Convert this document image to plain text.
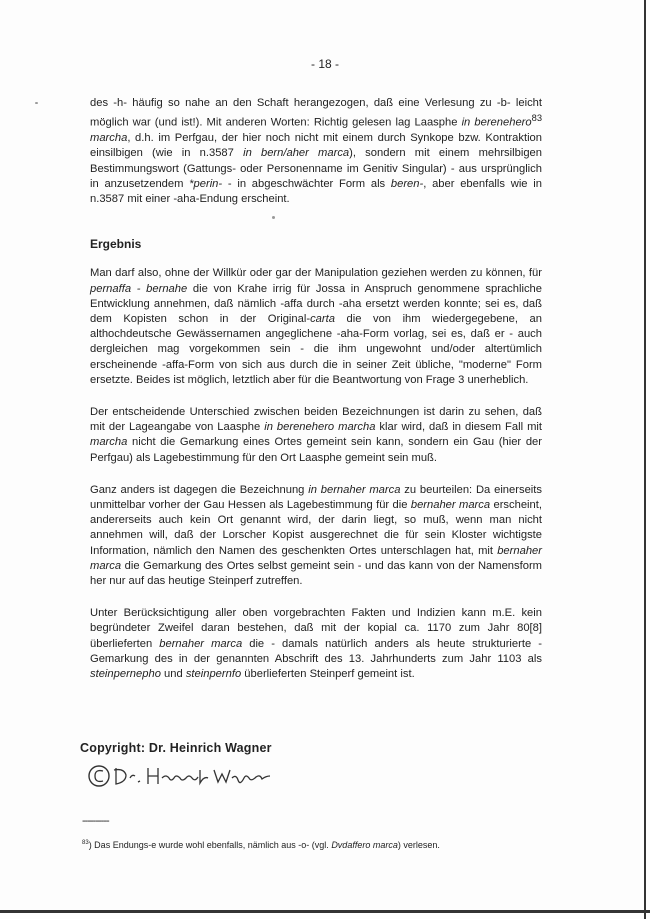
- 18 -

des -h- häufig so nahe an den Schaft herangezogen, daß eine Verlesung zu -b- leicht möglich war (und ist!). Mit anderen Worten: Richtig gelesen lag Laasphe in berenehero$^{83}$ marcha, d.h. im Perfgau, der hier noch nicht mit einem durch Synkope bzw. Kontraktion einsilbigen (wie in n.3587 in bern/aher marca), sondern mit einem mehrsilbigen Bestimmungswort (Gattungs- oder Personenname im Genitiv Singular) - aus ursprünglich in anzusetzendem *perin- - in abgeschwächter Form als beren-, aber ebenfalls wie in n.3587 mit einer -aha-Endung erscheint.

Ergebnis

Man darf also, ohne der Willkür oder gar der Manipulation geziehen werden zu können, für pernaffa - bernahe die von Krahe irrig für Jossa in Anspruch genommene sprachliche Entwicklung annehmen, daß nämlich -affa durch -aha ersetzt werden konnte; sei es, daß dem Kopisten schon in der Original-carta die von ihm wiedergegebene, an althochdeutsche Gewässernamen angeglichene -aha-Form vorlag, sei es, daß er - auch dergleichen mag vorgekommen sein - die ihm ungewohnt und/oder altertümlich erscheinende -affa-Form von sich aus durch die in seiner Zeit übliche, "moderne" Form ersetzte. Beides ist möglich, letztlich aber für die Beantwortung von Frage 3 unerheblich.

Der entscheidende Unterschied zwischen beiden Bezeichnungen ist darin zu sehen, daß mit der Lageangabe von Laasphe in berenehero marcha klar wird, daß in diesem Fall mit marcha nicht die Gemarkung eines Ortes gemeint sein kann, sondern ein Gau (hier der Perfgau) als Lagebestimmung für den Ort Laasphe gemeint sein muß.

Ganz anders ist dagegen die Bezeichnung in bernaher marca zu beurteilen: Da einerseits unmittelbar vorher der Gau Hessen als Lagebestimmung für die bernaher marca erscheint, andererseits auch kein Ort genannt wird, der darin liegt, so muß, wenn man nicht annehmen will, daß der Lorscher Kopist ausgerechnet die für sein Kloster wichtigste Information, nämlich den Namen des geschenkten Ortes unterschlagen hat, mit bernaher marca die Gemarkung des Ortes selbst gemeint sein - und das kann von der Namensform her nur auf das heutige Steinperf zutreffen.

Unter Berücksichtigung aller oben vorgebrachten Fakten und Indizien kann m.E. kein begründeter Zweifel daran bestehen, daß mit der kopial ca. 1170 zum Jahr 80[8] überlieferten bernaher marca die - damals natürlich anders als heute strukturierte - Gemarkung des in der genannten Abschrift des 13. Jahrhunderts zum Jahr 1103 als steinpernepho und steinpernfo überlieferten Steinperf gemeint ist.

Copyright: Dr. Heinrich Wagner
----------
$^{83}$) Das Endungs-e wurde wohl ebenfalls, nämlich aus -o- (vgl. Dvdaffero marca) verlesen.
